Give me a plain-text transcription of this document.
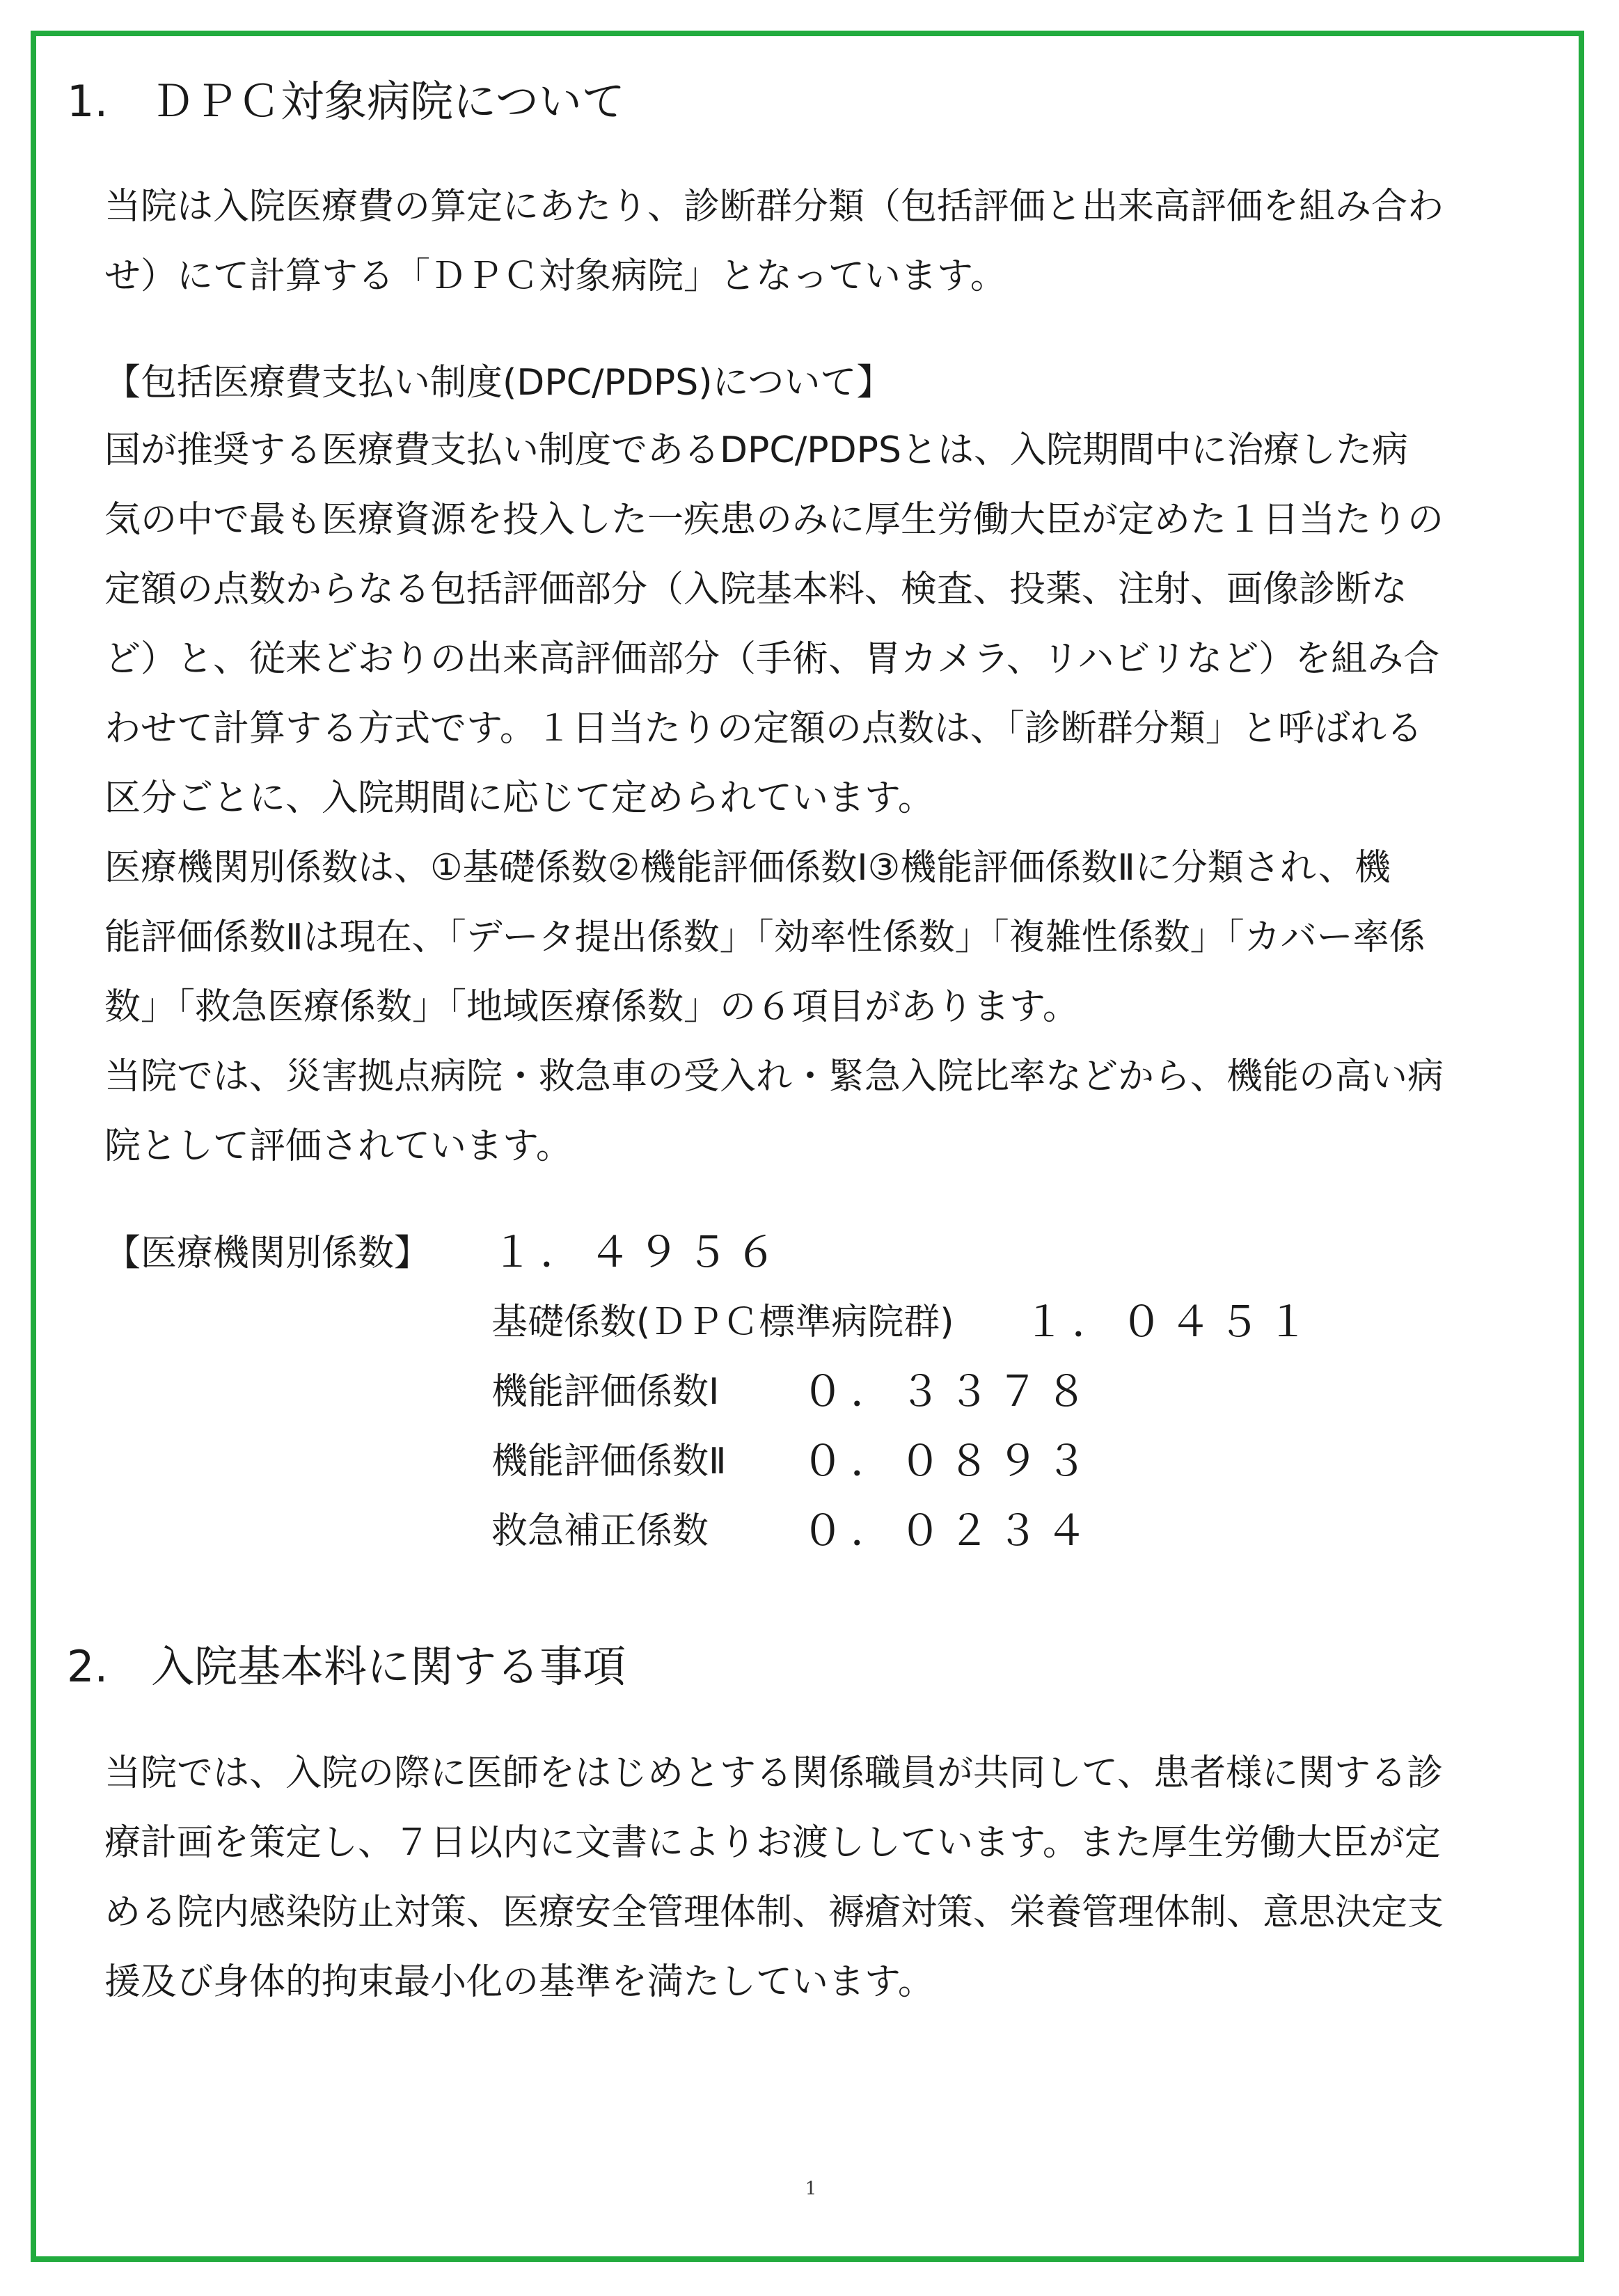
1.　ＤＰＣ対象病院について
当院は入院医療費の算定にあたり、診断群分類（包括評価と出来高評価を組み合わ
せ）にて計算する「ＤＰＣ対象病院」となっています。
【包括医療費支払い制度(DPC/PDPS)について】
国が推奨する医療費支払い制度であるDPC/PDPSとは、入院期間中に治療した病
気の中で最も医療資源を投入した一疾患のみに厚生労働大臣が定めた１日当たりの
定額の点数からなる包括評価部分（入院基本料、検査、投薬、注射、画像診断な
ど）と、従来どおりの出来高評価部分（手術、胃カメラ、リハビリなど）を組み合
わせて計算する方式です。１日当たりの定額の点数は、「診断群分類」と呼ばれる
区分ごとに、入院期間に応じて定められています。
医療機関別係数は、①基礎係数②機能評価係数Ⅰ③機能評価係数Ⅱに分類され、機
能評価係数Ⅱは現在、「データ提出係数」「効率性係数」「複雑性係数」「カバー率係
数」「救急医療係数」「地域医療係数」の６項目があります。
当院では、災害拠点病院・救急車の受入れ・緊急入院比率などから、機能の高い病
院として評価されています。
【医療機関別係数】 １．４９５６
基礎係数(ＤＰＣ標準病院群) １．０４５１
機能評価係数Ⅰ ０．３３７８
機能評価係数Ⅱ ０．０８９３
救急補正係数 ０．０２３４
2.　入院基本料に関する事項
当院では、入院の際に医師をはじめとする関係職員が共同して、患者様に関する診
療計画を策定し、７日以内に文書によりお渡ししています。また厚生労働大臣が定
める院内感染防止対策、医療安全管理体制、褥瘡対策、栄養管理体制、意思決定支
援及び身体的拘束最小化の基準を満たしています。
1
